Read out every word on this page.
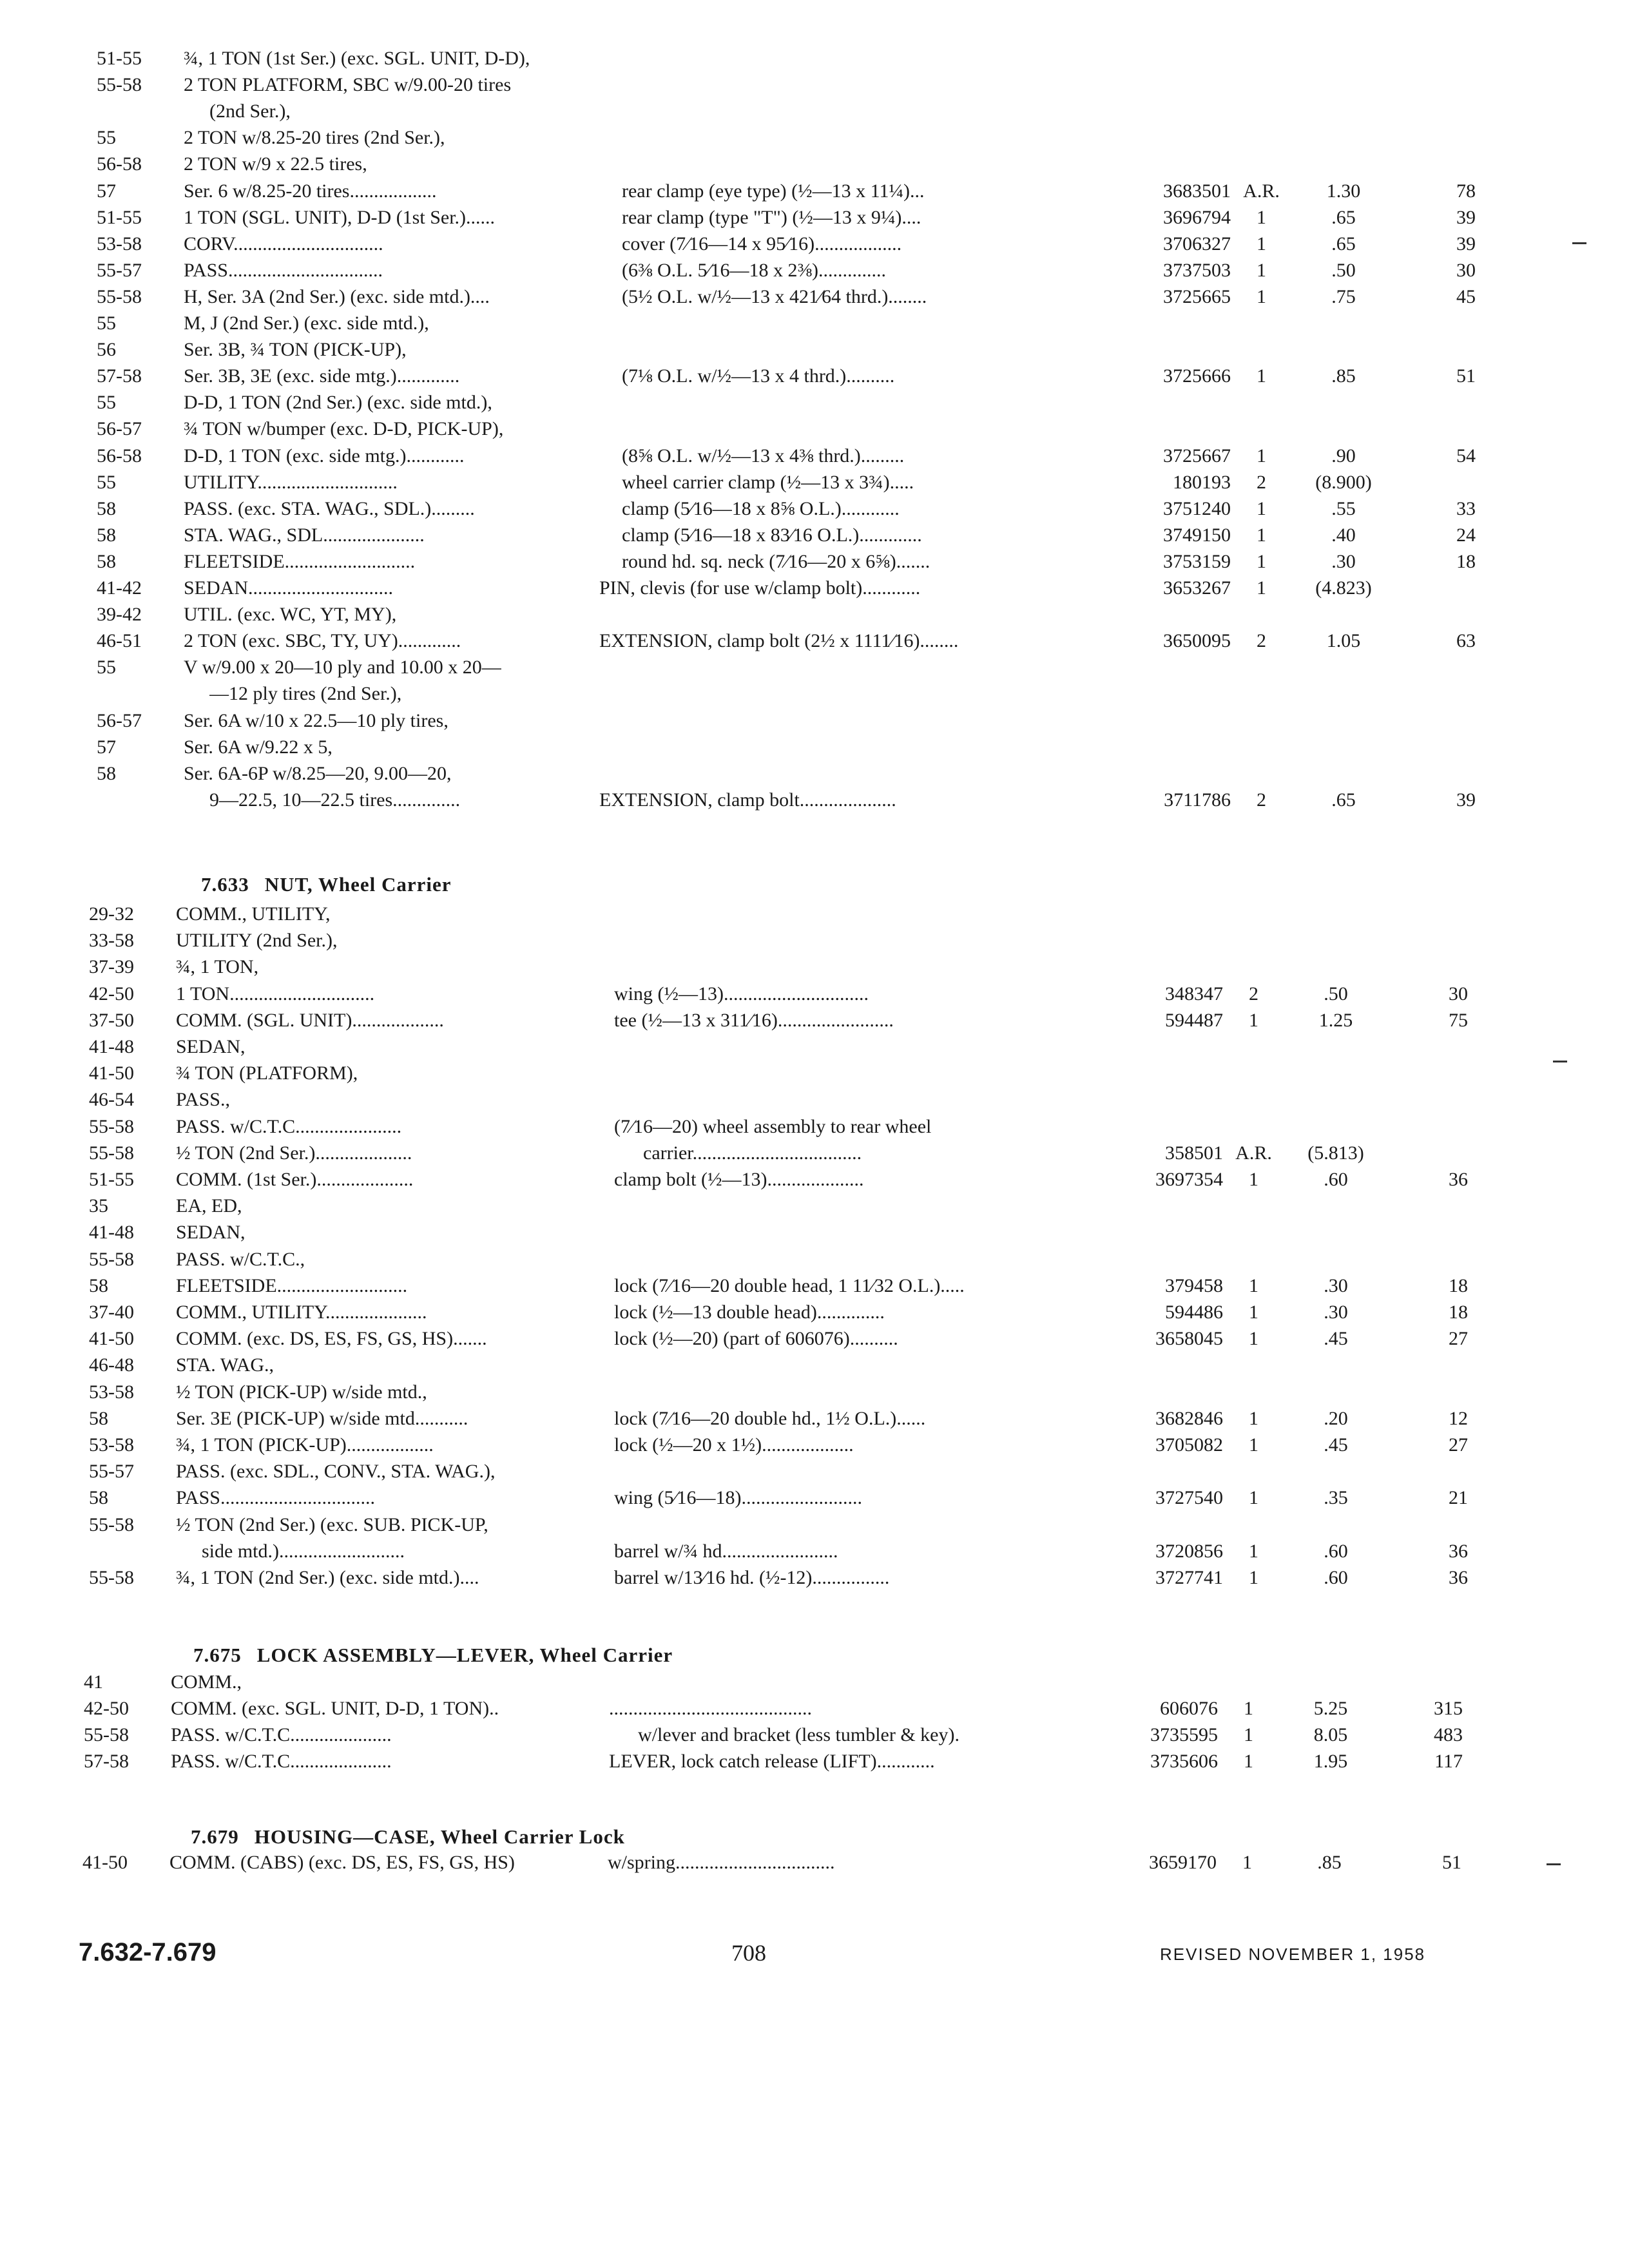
51-55	¾, 1 TON (1st Ser.) (exc. SGL. UNIT, D-D),
55-58	2 TON PLATFORM, SBC w/9.00-20 tires
(2nd Ser.),
55	2 TON w/8.25-20 tires (2nd Ser.),
56-58	2 TON w/9 x 22.5 tires,
57	Ser. 6 w/8.25-20 tires..................	rear clamp (eye type) (½—13 x 11¼)...	3683501 A.R.	1.30	78
51-55	1 TON (SGL. UNIT), D-D (1st Ser.)......	rear clamp (type "T") (½—13 x 9¼)....	3696794	1	.65	39
53-58	CORV...............................	cover (7⁄16—14 x 95⁄16)..................	3706327	1	.65	39
55-57	PASS................................	(6⅜ O.L. 5⁄16—18 x 2⅜)..............	3737503	1	.50	30
55-58	H, Ser. 3A (2nd Ser.) (exc. side mtd.)....	(5½ O.L. w/½—13 x 421⁄64 thrd.)........	3725665	1	.75	45
55	M, J (2nd Ser.) (exc. side mtd.),
56	Ser. 3B, ¾ TON (PICK-UP),
57-58	Ser. 3B, 3E (exc. side mtg.).............	(7⅛ O.L. w/½—13 x 4 thrd.)..........	3725666	1	.85	51
55	D-D, 1 TON (2nd Ser.) (exc. side mtd.),
56-57	¾ TON w/bumper (exc. D-D, PICK-UP),
56-58	D-D, 1 TON (exc. side mtg.)............	(8⅝ O.L. w/½—13 x 4⅜ thrd.).........	3725667	1	.90	54
55	UTILITY.............................	wheel carrier clamp (½—13 x 3¾).....	180193	2	(8.900)
58	PASS. (exc. STA. WAG., SDL.).........	clamp (5⁄16—18 x 8⅝ O.L.)............	3751240	1	.55	33
58	STA. WAG., SDL.....................	clamp (5⁄16—18 x 83⁄16 O.L.).............	3749150	1	.40	24
58	FLEETSIDE...........................	round hd. sq. neck (7⁄16—20 x 6⅝).......	3753159	1	.30	18
41-42	SEDAN..............................	PIN, clevis (for use w/clamp bolt)............	3653267	1	(4.823)
39-42	UTIL. (exc. WC, YT, MY),
46-51	2 TON (exc. SBC, TY, UY).............	EXTENSION, clamp bolt (2½ x 1111⁄16)........	3650095	2	1.05	63
55	V w/9.00 x 20—10 ply and 10.00 x 20—
—12 ply tires (2nd Ser.),
56-57	Ser. 6A w/10 x 22.5—10 ply tires,
57	Ser. 6A w/9.22 x 5,
58	Ser. 6A-6P w/8.25—20, 9.00—20,
9—22.5, 10—22.5 tires..............	EXTENSION, clamp bolt....................	3711786	2	.65	39
7.633 NUT, Wheel Carrier
29-32	COMM., UTILITY,
33-58	UTILITY (2nd Ser.),
37-39	¾, 1 TON,
42-50	1 TON..............................	wing (½—13)..............................	348347	2	.50	30
37-50	COMM. (SGL. UNIT)...................	tee (½—13 x 311⁄16)........................	594487	1	1.25	75
41-48	SEDAN,
41-50	¾ TON (PLATFORM),
46-54	PASS.,
55-58	PASS. w/C.T.C......................	(7⁄16—20) wheel assembly to rear wheel
55-58	½ TON (2nd Ser.)....................	carrier...................................	358501 A.R.	(5.813)
51-55	COMM. (1st Ser.)....................	clamp bolt (½—13)....................	3697354	1	.60	36
35	EA, ED,
41-48	SEDAN,
55-58	PASS. w/C.T.C.,
58	FLEETSIDE...........................	lock (7⁄16—20 double head, 1 11⁄32 O.L.).....	379458	1	.30	18
37-40	COMM., UTILITY.....................	lock (½—13 double head)..............	594486	1	.30	18
41-50	COMM. (exc. DS, ES, FS, GS, HS).......	lock (½—20) (part of 606076)..........	3658045	1	.45	27
46-48	STA. WAG.,
53-58	½ TON (PICK-UP) w/side mtd.,
58	Ser. 3E (PICK-UP) w/side mtd...........	lock (7⁄16—20 double hd., 1½ O.L.)......	3682846	1	.20	12
53-58	¾, 1 TON (PICK-UP)..................	lock (½—20 x 1½)...................	3705082	1	.45	27
55-57	PASS. (exc. SDL., CONV., STA. WAG.),
58	PASS................................	wing (5⁄16—18).........................	3727540	1	.35	21
55-58	½ TON (2nd Ser.) (exc. SUB. PICK-UP,
side mtd.)..........................	barrel w/¾ hd........................	3720856	1	.60	36
55-58	¾, 1 TON (2nd Ser.) (exc. side mtd.)....	barrel w/13⁄16 hd. (½-12)................	3727741	1	.60	36
7.675 LOCK ASSEMBLY—LEVER, Wheel Carrier
41	COMM.,
42-50	COMM. (exc. SGL. UNIT, D-D, 1 TON)..	..........................................	606076	1	5.25	315
55-58	PASS. w/C.T.C.....................	w/lever and bracket (less tumbler & key).	3735595	1	8.05	483
57-58	PASS. w/C.T.C.....................	LEVER, lock catch release (LIFT)............	3735606	1	1.95	117
7.679 HOUSING—CASE, Wheel Carrier Lock
41-50	COMM. (CABS) (exc. DS, ES, FS, GS, HS)	w/spring.................................	3659170	1	.85	51
7.632-7.679	708	REVISED NOVEMBER 1, 1958
